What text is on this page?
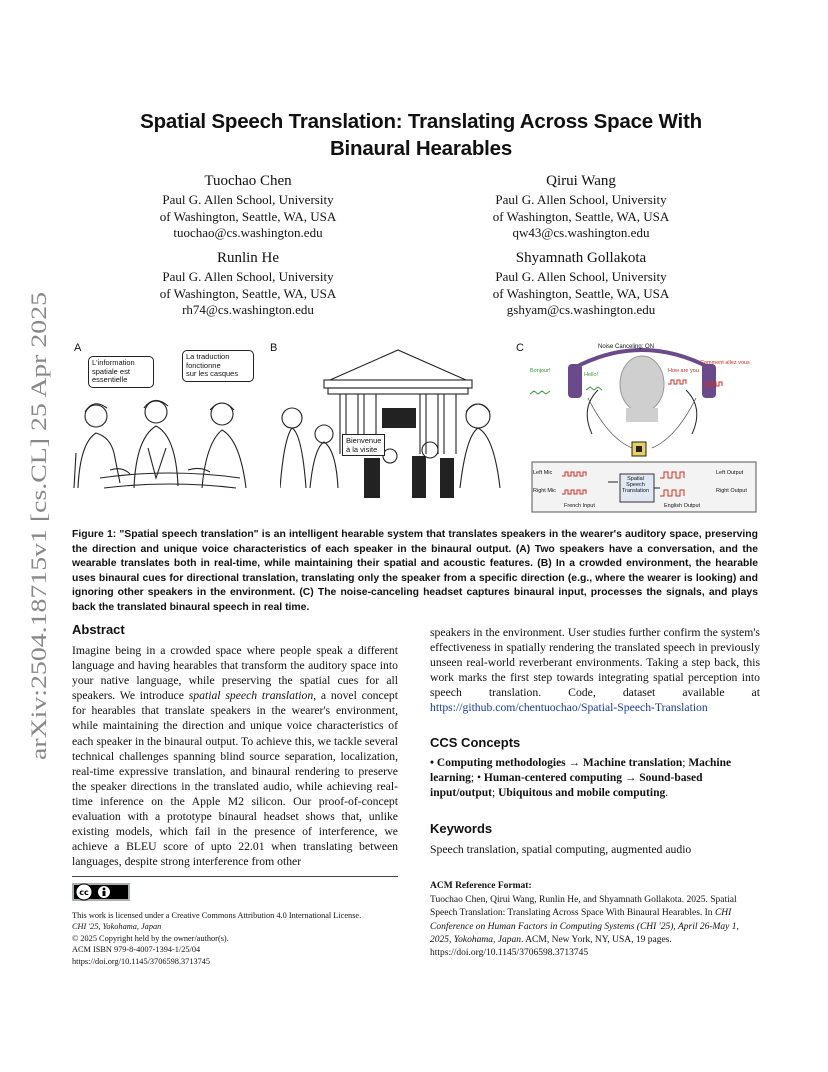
arXiv:2504.18715v1 [cs.CL] 25 Apr 2025
Spatial Speech Translation: Translating Across Space With
Binaural Hearables
Tuochao Chen
Paul G. Allen School, University
of Washington, Seattle, WA, USA
tuochao@cs.washington.edu
Qirui Wang
Paul G. Allen School, University
of Washington, Seattle, WA, USA
qw43@cs.washington.edu
Runlin He
Paul G. Allen School, University
of Washington, Seattle, WA, USA
rh74@cs.washington.edu
Shyamnath Gollakota
Paul G. Allen School, University
of Washington, Seattle, WA, USA
gshyam@cs.washington.edu
A
L'information
spatiale est
essentielle
La traduction
fonctionne
sur les casques
B
Bienvenue
à la visite
C	Noise Canceling: ON
Bonjour!
Hello!
How are you
Comment allez vous
Left Mic
Right Mic
Spatial
Speech
Translation
Left Output
Right Output
French Input	English Output
Figure 1: "Spatial speech translation" is an intelligent hearable system that translates speakers in the wearer's auditory space, preserving the direction and unique voice characteristics of each speaker in the binaural output. (A) Two speakers have a conversation, and the wearable translates both in real-time, while maintaining their spatial and acoustic features. (B) In a crowded environment, the hearable uses binaural cues for directional translation, translating only the speaker from a specific direction (e.g., where the wearer is looking) and ignoring other speakers in the environment. (C) The noise-canceling headset captures binaural input, processes the signals, and plays back the translated binaural speech in real time.
Abstract
Imagine being in a crowded space where people speak a different language and having hearables that transform the auditory space into your native language, while preserving the spatial cues for all speakers. We introduce spatial speech translation, a novel concept for hearables that translate speakers in the wearer's environment, while maintaining the direction and unique voice characteristics of each speaker in the binaural output. To achieve this, we tackle several technical challenges spanning blind source separation, localization, real-time expressive translation, and binaural rendering to preserve the speaker directions in the translated audio, while achieving real-time inference on the Apple M2 silicon. Our proof-of-concept evaluation with a prototype binaural headset shows that, unlike existing models, which fail in the presence of interference, we achieve a BLEU score of upto 22.01 when translating between languages, despite strong interference from other
speakers in the environment. User studies further confirm the system's effectiveness in spatially rendering the translated speech in previously unseen real-world reverberant environments. Taking a step back, this work marks the first step towards integrating spatial perception into speech translation. Code, dataset available at https://github.com/chentuochao/Spatial-Speech-Translation
CCS Concepts
• Computing methodologies → Machine translation; Machine learning; • Human-centered computing → Sound-based input/output; Ubiquitous and mobile computing.
Keywords
Speech translation, spatial computing, augmented audio
cc
This work is licensed under a Creative Commons Attribution 4.0 International License.
CHI '25, Yokohama, Japan
© 2025 Copyright held by the owner/author(s).
ACM ISBN 979-8-4007-1394-1/25/04
https://doi.org/10.1145/3706598.3713745
ACM Reference Format:
Tuochao Chen, Qirui Wang, Runlin He, and Shyamnath Gollakota. 2025. Spatial Speech Translation: Translating Across Space With Binaural Hearables. In CHI Conference on Human Factors in Computing Systems (CHI '25), April 26-May 1, 2025, Yokohama, Japan. ACM, New York, NY, USA, 19 pages. https://doi.org/10.1145/3706598.3713745
